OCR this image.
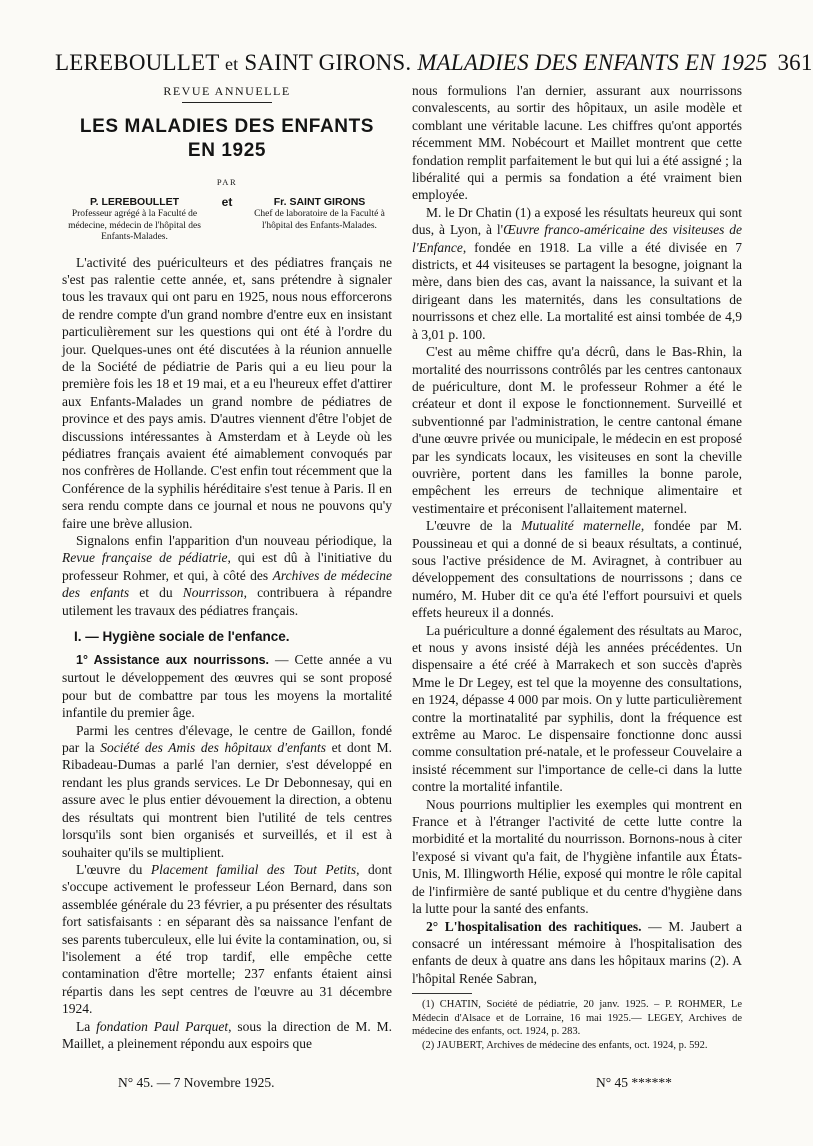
LEREBOULLET et SAINT GIRONS. MALADIES DES ENFANTS EN 1925 361
REVUE ANNUELLE
LES MALADIES DES ENFANTS
EN 1925
PAR
P. LEREBOULLET
Professeur agrégé à la Faculté de médecine, médecin de l'hôpital des Enfants-Malades.
et	Fr. SAINT GIRONS
Chef de laboratoire de la Faculté à l'hôpital des Enfants-Malades.

L'activité des puériculteurs et des pédiatres français ne s'est pas ralentie cette année, et, sans prétendre à signaler tous les travaux qui ont paru en 1925, nous nous efforcerons de rendre compte d'un grand nombre d'entre eux en insistant particulièrement sur les questions qui ont été à l'ordre du jour. Quelques-unes ont été discutées à la réunion annuelle de la Société de pédiatrie de Paris qui a eu lieu pour la première fois les 18 et 19 mai, et a eu l'heureux effet d'attirer aux Enfants-Malades un grand nombre de pédiatres de province et des pays amis. D'autres viennent d'être l'objet de discussions intéressantes à Amsterdam et à Leyde où les pédiatres français avaient été aimablement convoqués par nos confrères de Hollande. C'est enfin tout récemment que la Conférence de la syphilis héréditaire s'est tenue à Paris. Il en sera rendu compte dans ce journal et nous ne pouvons qu'y faire une brève allusion.

Signalons enfin l'apparition d'un nouveau périodique, la Revue française de pédiatrie, qui est dû à l'initiative du professeur Rohmer, et qui, à côté des Archives de médecine des enfants et du Nourrisson, contribuera à répandre utilement les travaux des pédiatres français.

I. — Hygiène sociale de l'enfance.

1° Assistance aux nourrissons. — Cette année a vu surtout le développement des œuvres qui se sont proposé pour but de combattre par tous les moyens la mortalité infantile du premier âge.

Parmi les centres d'élevage, le centre de Gaillon, fondé par la Société des Amis des hôpitaux d'enfants et dont M. Ribadeau-Dumas a parlé l'an dernier, s'est développé en rendant les plus grands services. Le Dr Debonnesay, qui en assure avec le plus entier dévouement la direction, a obtenu des résultats qui montrent bien l'utilité de tels centres lorsqu'ils sont bien organisés et surveillés, et il est à souhaiter qu'ils se multiplient.

L'œuvre du Placement familial des Tout Petits, dont s'occupe activement le professeur Léon Bernard, dans son assemblée générale du 23 février, a pu présenter des résultats fort satisfaisants : en séparant dès sa naissance l'enfant de ses parents tuberculeux, elle lui évite la contamination, ou, si l'isolement a été trop tardif, elle empêche cette contamination d'être mortelle; 237 enfants étaient ainsi répartis dans les sept centres de l'œuvre au 31 décembre 1924.

La fondation Paul Parquet, sous la direction de M. M. Maillet, a pleinement répondu aux espoirs que

nous formulions l'an dernier, assurant aux nourrissons convalescents, au sortir des hôpitaux, un asile modèle et comblant une véritable lacune. Les chiffres qu'ont apportés récemment MM. Nobécourt et Maillet montrent que cette fondation remplit parfaitement le but qui lui a été assigné ; la libéralité qui a permis sa fondation a été vraiment bien employée.

M. le Dr Chatin (1) a exposé les résultats heureux qui sont dus, à Lyon, à l'Œuvre franco-américaine des visiteuses de l'Enfance, fondée en 1918. La ville a été divisée en 7 districts, et 44 visiteuses se partagent la besogne, joignant la mère, dans bien des cas, avant la naissance, la suivant et la dirigeant dans les maternités, dans les consultations de nourrissons et chez elle. La mortalité est ainsi tombée de 4,9 à 3,01 p. 100.

C'est au même chiffre qu'a décrû, dans le Bas-Rhin, la mortalité des nourrissons contrôlés par les centres cantonaux de puériculture, dont M. le professeur Rohmer a été le créateur et dont il expose le fonctionnement. Surveillé et subventionné par l'administration, le centre cantonal émane d'une œuvre privée ou municipale, le médecin en est proposé par les syndicats locaux, les visiteuses en sont la cheville ouvrière, portent dans les familles la bonne parole, empêchent les erreurs de technique alimentaire et vestimentaire et préconisent l'allaitement maternel.

L'œuvre de la Mutualité maternelle, fondée par M. Poussineau et qui a donné de si beaux résultats, a continué, sous l'active présidence de M. Aviragnet, à contribuer au développement des consultations de nourrissons ; dans ce numéro, M. Huber dit ce qu'a été l'effort poursuivi et quels effets heureux il a donnés.

La puériculture a donné également des résultats au Maroc, et nous y avons insisté déjà les années précédentes. Un dispensaire a été créé à Marrakech et son succès d'après Mme le Dr Legey, est tel que la moyenne des consultations, en 1924, dépasse 4 000 par mois. On y lutte particulièrement contre la mortinatalité par syphilis, dont la fréquence est extrême au Maroc. Le dispensaire fonctionne donc aussi comme consultation pré-natale, et le professeur Couvelaire a insisté récemment sur l'importance de celle-ci dans la lutte contre la mortalité infantile.

Nous pourrions multiplier les exemples qui montrent en France et à l'étranger l'activité de cette lutte contre la morbidité et la mortalité du nourrisson. Bornons-nous à citer l'exposé si vivant qu'a fait, de l'hygiène infantile aux États-Unis, M. Illingworth Hélie, exposé qui montre le rôle capital de l'infirmière de santé publique et du centre d'hygiène dans la lutte pour la santé des enfants.

2° L'hospitalisation des rachitiques. — M. Jaubert a consacré un intéressant mémoire à l'hospitalisation des enfants de deux à quatre ans dans les hôpitaux marins (2). A l'hôpital Renée Sabran,

(1) CHATIN, Société de pédiatrie, 20 janv. 1925. – P. ROHMER, Le Médecin d'Alsace et de Lorraine, 16 mai 1925.— LEGEY, Archives de médecine des enfants, oct. 1924, p. 283.

(2) JAUBERT, Archives de médecine des enfants, oct. 1924, p. 592.

N° 45. — 7 Novembre 1925.	N° 45 ******
